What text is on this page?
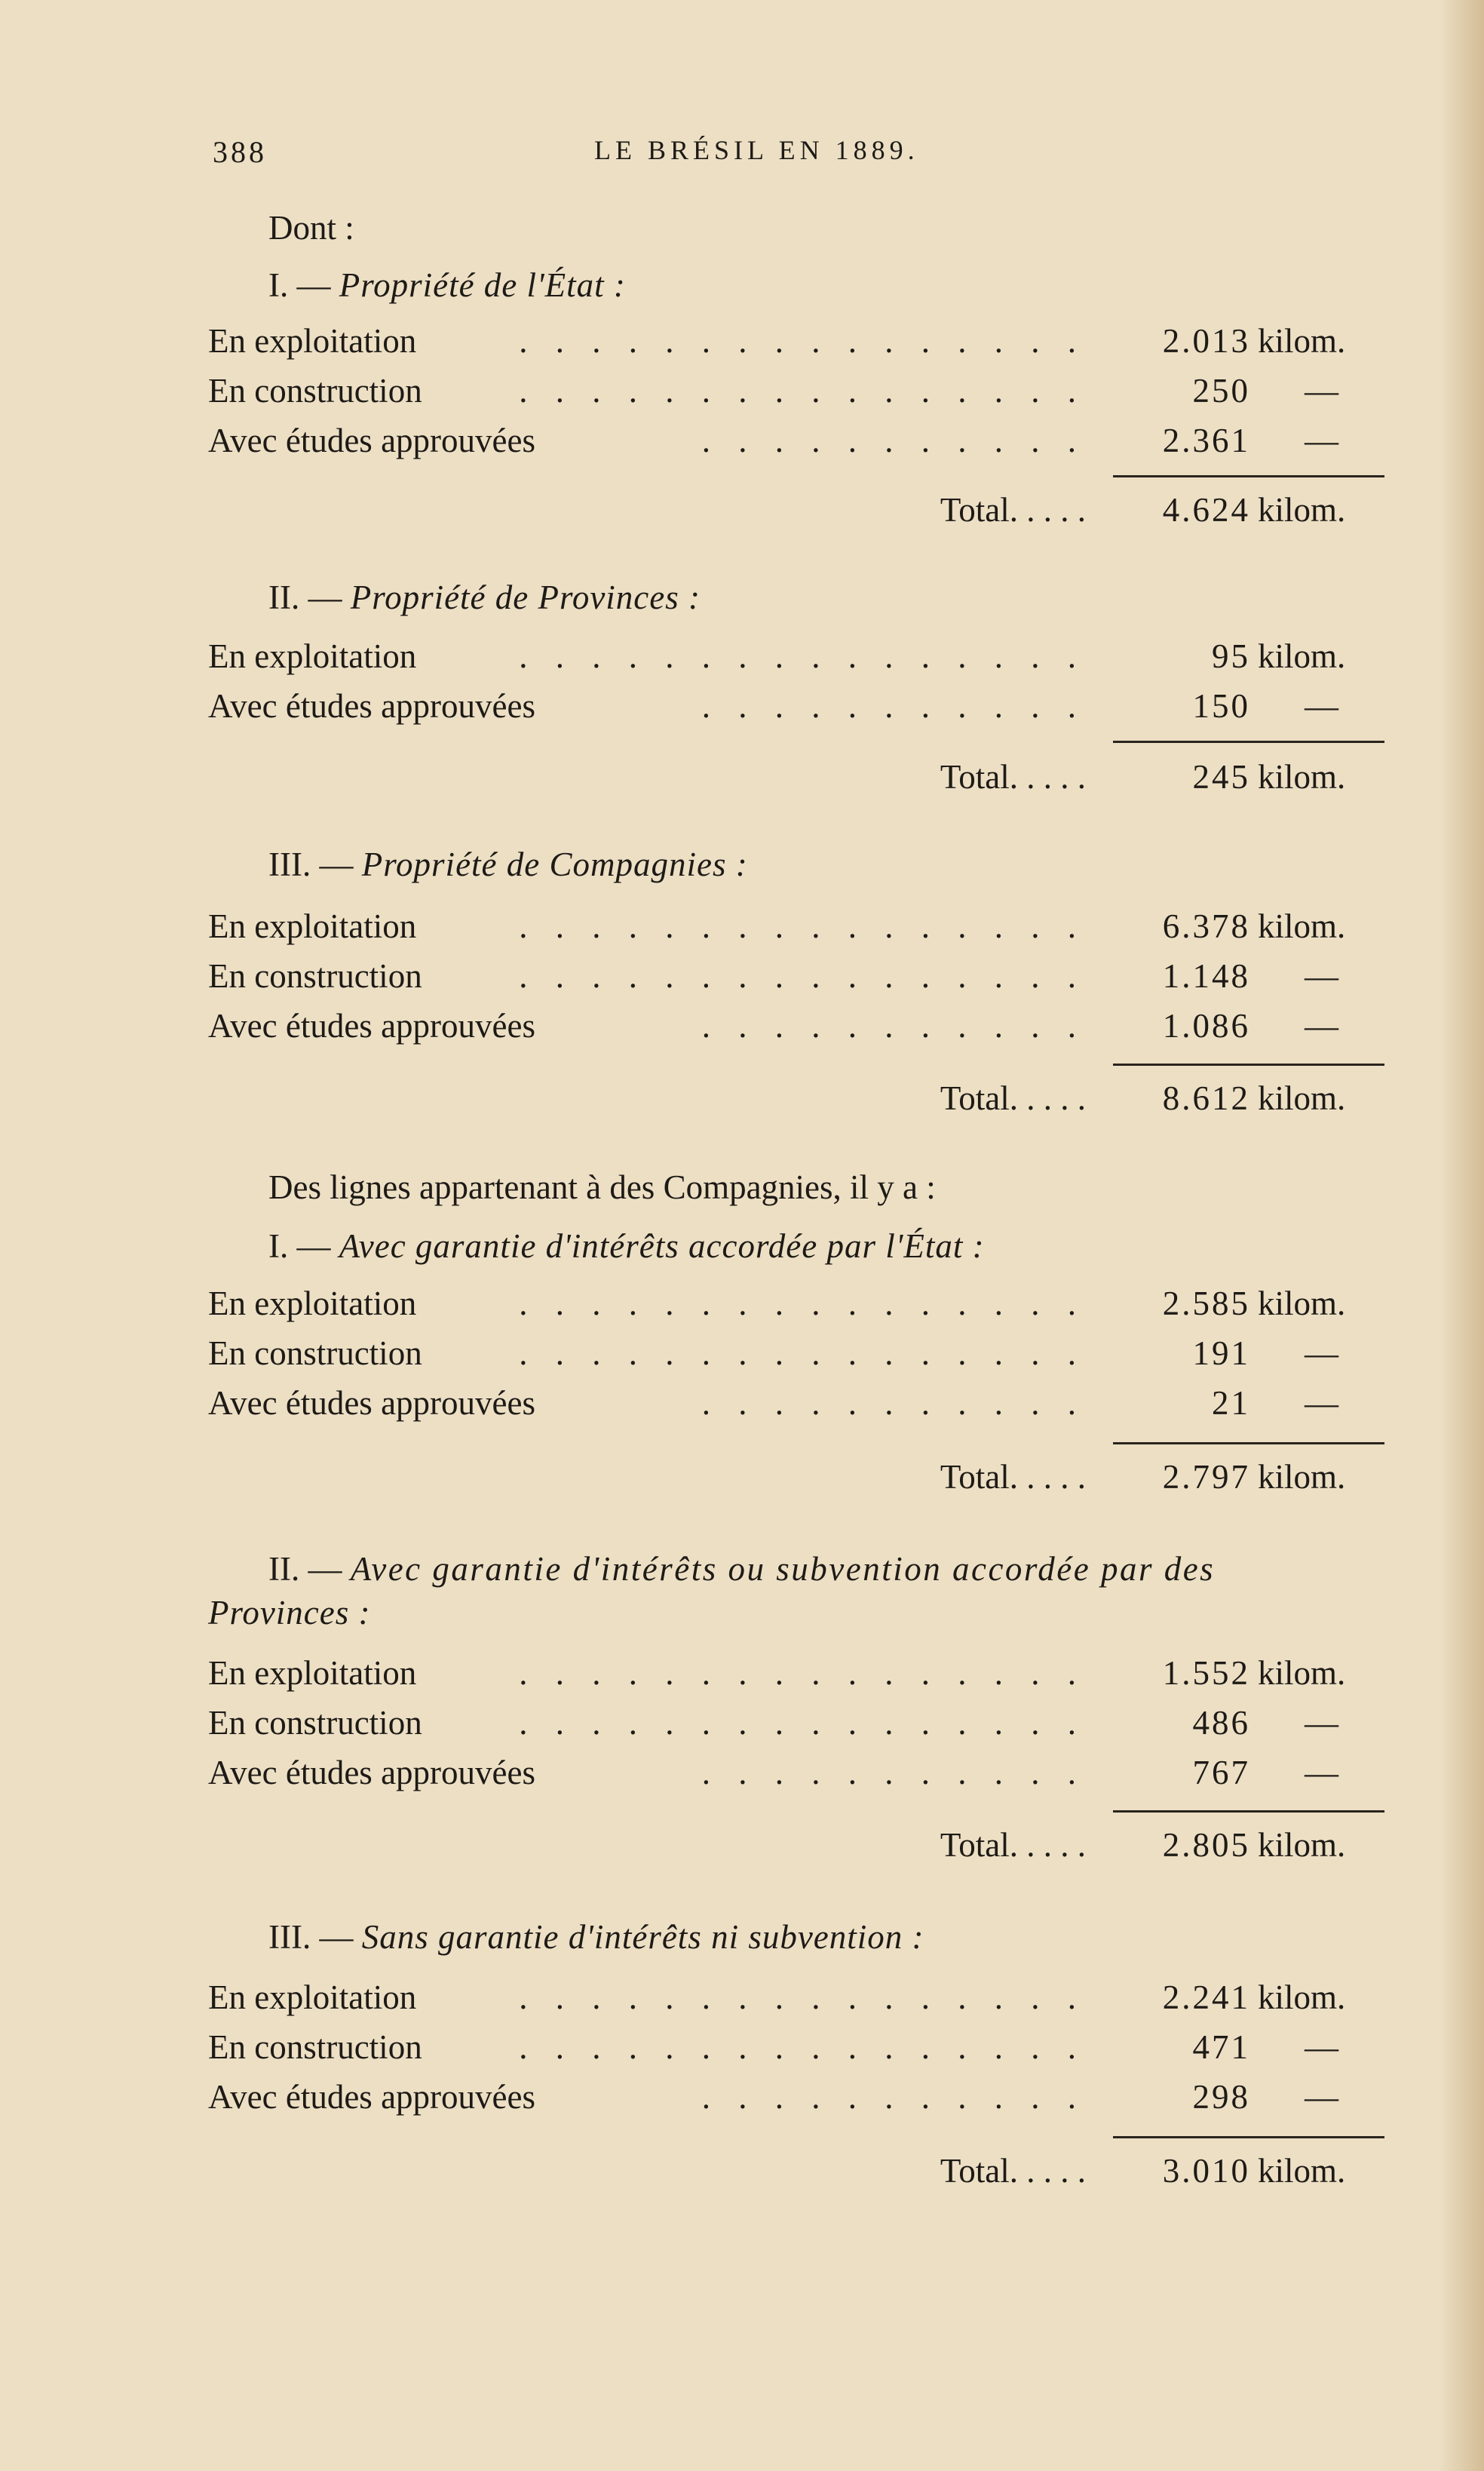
388	LE BRÉSIL EN 1889.
Dont :
I. — Propriété de l'État :
En exploitation	. . . . . . . . . . . . . . . . 2.013 kilom.
En construction	. . . . . . . . . . . . . . . .	250 —
Avec études approuvées	. . . . . . . . . . . 2.361 —
Total. . . . . 4.624 kilom.
II. — Propriété de Provinces :
En exploitation	. . . . . . . . . . . . . . . .	95 kilom.
Avec études approuvées	. . . . . . . . . . .	150 —
Total. . . . .	245 kilom.
III. — Propriété de Compagnies :
En exploitation	. . . . . . . . . . . . . . . . 6.378 kilom.
En construction	. . . . . . . . . . . . . . . . 1.148 —
Avec études approuvées	. . . . . . . . . . . 1.086 —
Total. . . . . 8.612 kilom.
Des lignes appartenant à des Compagnies, il y a :
I. — Avec garantie d'intérêts accordée par l'État :
En exploitation	. . . . . . . . . . . . . . . . 2.585 kilom.
En construction	. . . . . . . . . . . . . . . .	191 —
Avec études approuvées	. . . . . . . . . . .	21 —
Total. . . . . 2.797 kilom.
II. — Avec garantie d'intérêts ou subvention accordée par des
Provinces :
En exploitation	. . . . . . . . . . . . . . . . 1.552 kilom.
En construction	. . . . . . . . . . . . . . . .	486 —
Avec études approuvées	. . . . . . . . . . .	767 —
Total. . . . . 2.805 kilom.
III. — Sans garantie d'intérêts ni subvention :
En exploitation	. . . . . . . . . . . . . . . . 2.241 kilom.
En construction	. . . . . . . . . . . . . . . .	471 —
Avec études approuvées	. . . . . . . . . . .	298 —
Total. . . . . 3.010 kilom.
